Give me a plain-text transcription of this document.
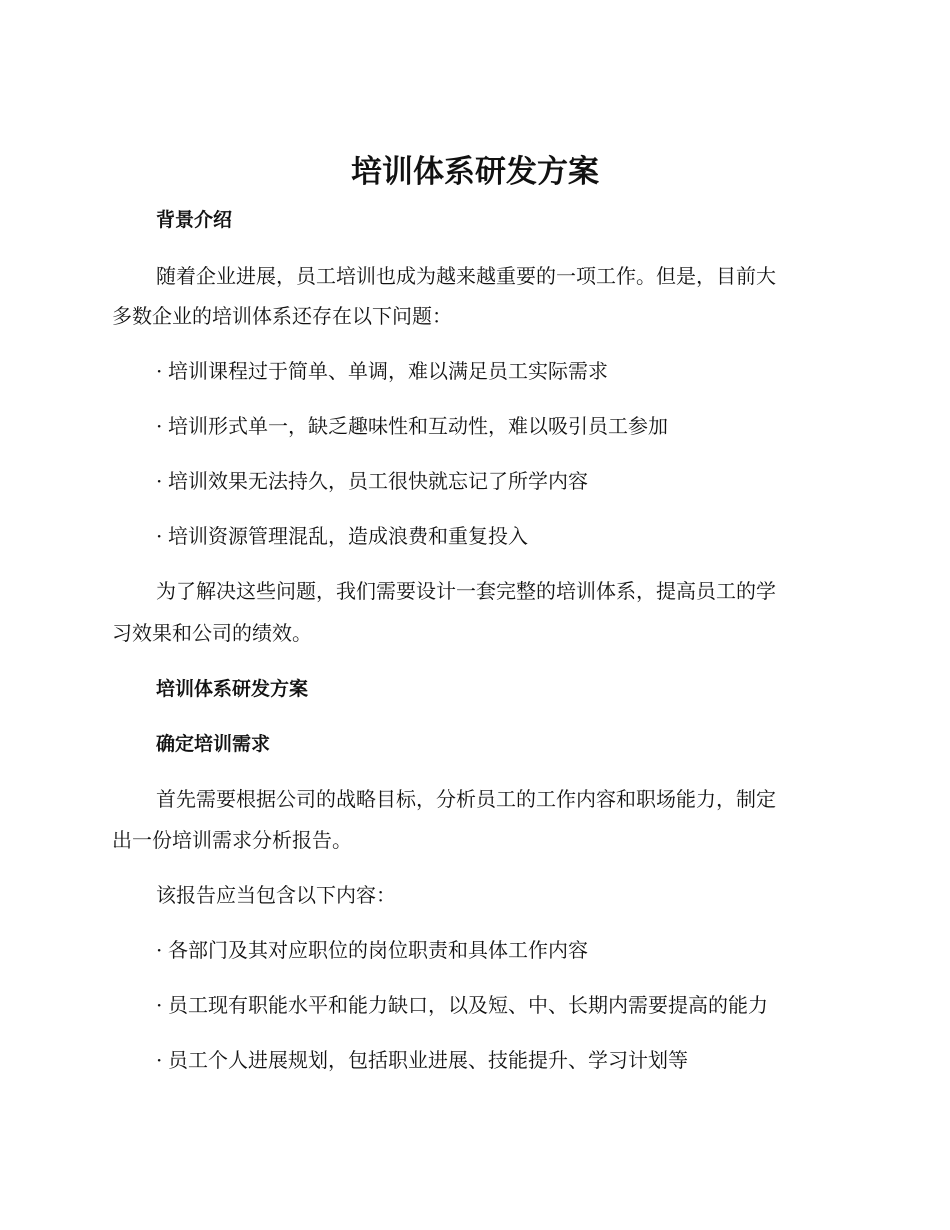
培训体系研发方案

背景介绍

随着企业进展，员工培训也成为越来越重要的一项工作。但是，目前大

多数企业的培训体系还存在以下问题：

· 培训课程过于简单、单调，难以满足员工实际需求

· 培训形式单一，缺乏趣味性和互动性，难以吸引员工参加

· 培训效果无法持久，员工很快就忘记了所学内容

· 培训资源管理混乱，造成浪费和重复投入

为了解决这些问题，我们需要设计一套完整的培训体系，提高员工的学

习效果和公司的绩效。

培训体系研发方案

确定培训需求

首先需要根据公司的战略目标，分析员工的工作内容和职场能力，制定

出一份培训需求分析报告。

该报告应当包含以下内容：

· 各部门及其对应职位的岗位职责和具体工作内容

· 员工现有职能水平和能力缺口，以及短、中、长期内需要提高的能力

· 员工个人进展规划，包括职业进展、技能提升、学习计划等
